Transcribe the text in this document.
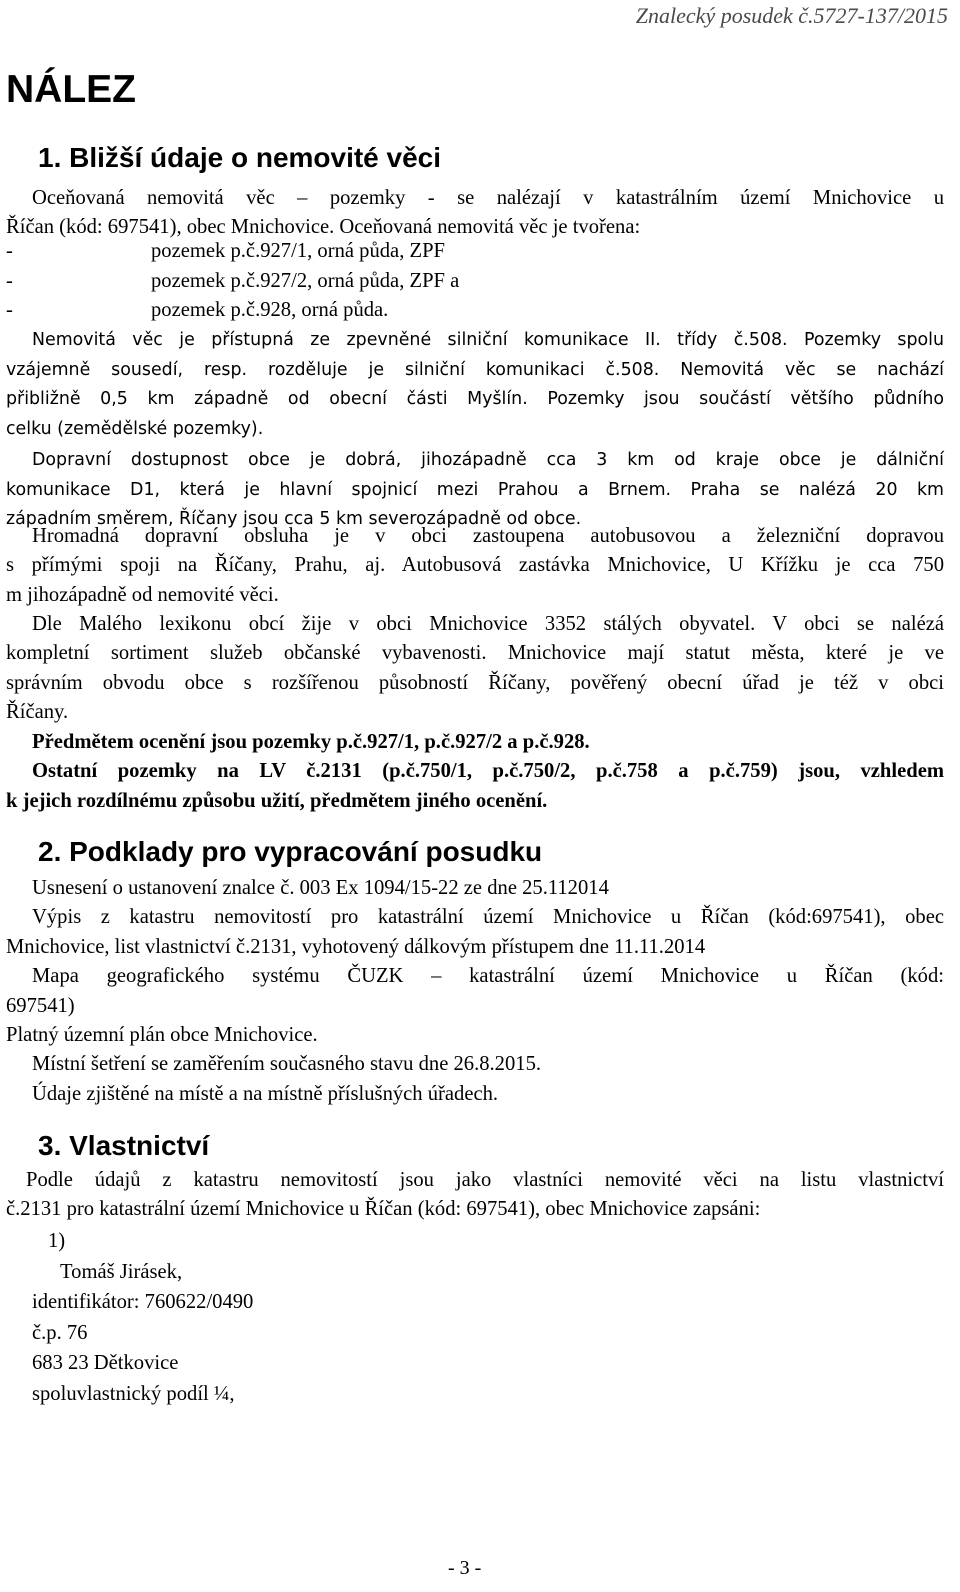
Znalecký posudek č.5727-137/2015
NÁLEZ
1. Bližší údaje o nemovité věci

Oceňovaná nemovitá věc – pozemky - se nalézají v katastrálním území Mnichovice u

Říčan (kód: 697541), obec Mnichovice. Oceňovaná nemovitá věc je tvořena:

-	pozemek p.č.927/1, orná půda, ZPF
-	pozemek p.č.927/2, orná půda, ZPF a
-	pozemek p.č.928, orná půda.

Nemovitá věc je přístupná ze zpevněné silniční komunikace II. třídy č.508. Pozemky spolu

vzájemně sousedí, resp. rozděluje je silniční komunikaci č.508. Nemovitá věc se nachází

přibližně 0,5 km západně od obecní části Myšlín. Pozemky jsou součástí většího půdního

celku (zemědělské pozemky).

Dopravní dostupnost obce je dobrá, jihozápadně cca 3 km od kraje obce je dálniční

komunikace D1, která je hlavní spojnicí mezi Prahou a Brnem. Praha se nalézá 20 km

západním směrem, Říčany jsou cca 5 km severozápadně od obce.

Hromadná dopravní obsluha je v obci zastoupena autobusovou a železniční dopravou

s přímými spoji na Říčany, Prahu, aj. Autobusová zastávka Mnichovice, U Křížku je cca 750

m jihozápadně od nemovité věci.

Dle Malého lexikonu obcí žije v obci Mnichovice 3352 stálých obyvatel. V obci se nalézá

kompletní sortiment služeb občanské vybavenosti. Mnichovice mají statut města, které je ve

správním obvodu obce s rozšířenou působností Říčany, pověřený obecní úřad je též v obci

Říčany.

Předmětem ocenění jsou pozemky p.č.927/1, p.č.927/2 a p.č.928.

Ostatní pozemky na LV č.2131 (p.č.750/1, p.č.750/2, p.č.758 a p.č.759) jsou, vzhledem

k jejich rozdílnému způsobu užití, předmětem jiného ocenění.

2. Podklady pro vypracování posudku

Usnesení o ustanovení znalce č. 003 Ex 1094/15-22 ze dne 25.112014

Výpis z katastru nemovitostí pro katastrální území Mnichovice u Říčan (kód:697541), obec

Mnichovice, list vlastnictví č.2131, vyhotovený dálkovým přístupem dne 11.11.2014

Mapa geografického systému ČUZK – katastrální území Mnichovice u Říčan (kód:

697541)

Platný územní plán obce Mnichovice.

Místní šetření se zaměřením současného stavu dne 26.8.2015.

Údaje zjištěné na místě a na místně příslušných úřadech.

3. Vlastnictví

Podle údajů z katastru nemovitostí jsou jako vlastníci nemovité věci na listu vlastnictví

č.2131 pro katastrální území Mnichovice u Říčan (kód: 697541), obec Mnichovice zapsáni:

1)

Tomáš Jirásek,

identifikátor: 760622/0490

č.p. 76

683 23 Dětkovice

spoluvlastnický podíl ¼,

- 3 -
